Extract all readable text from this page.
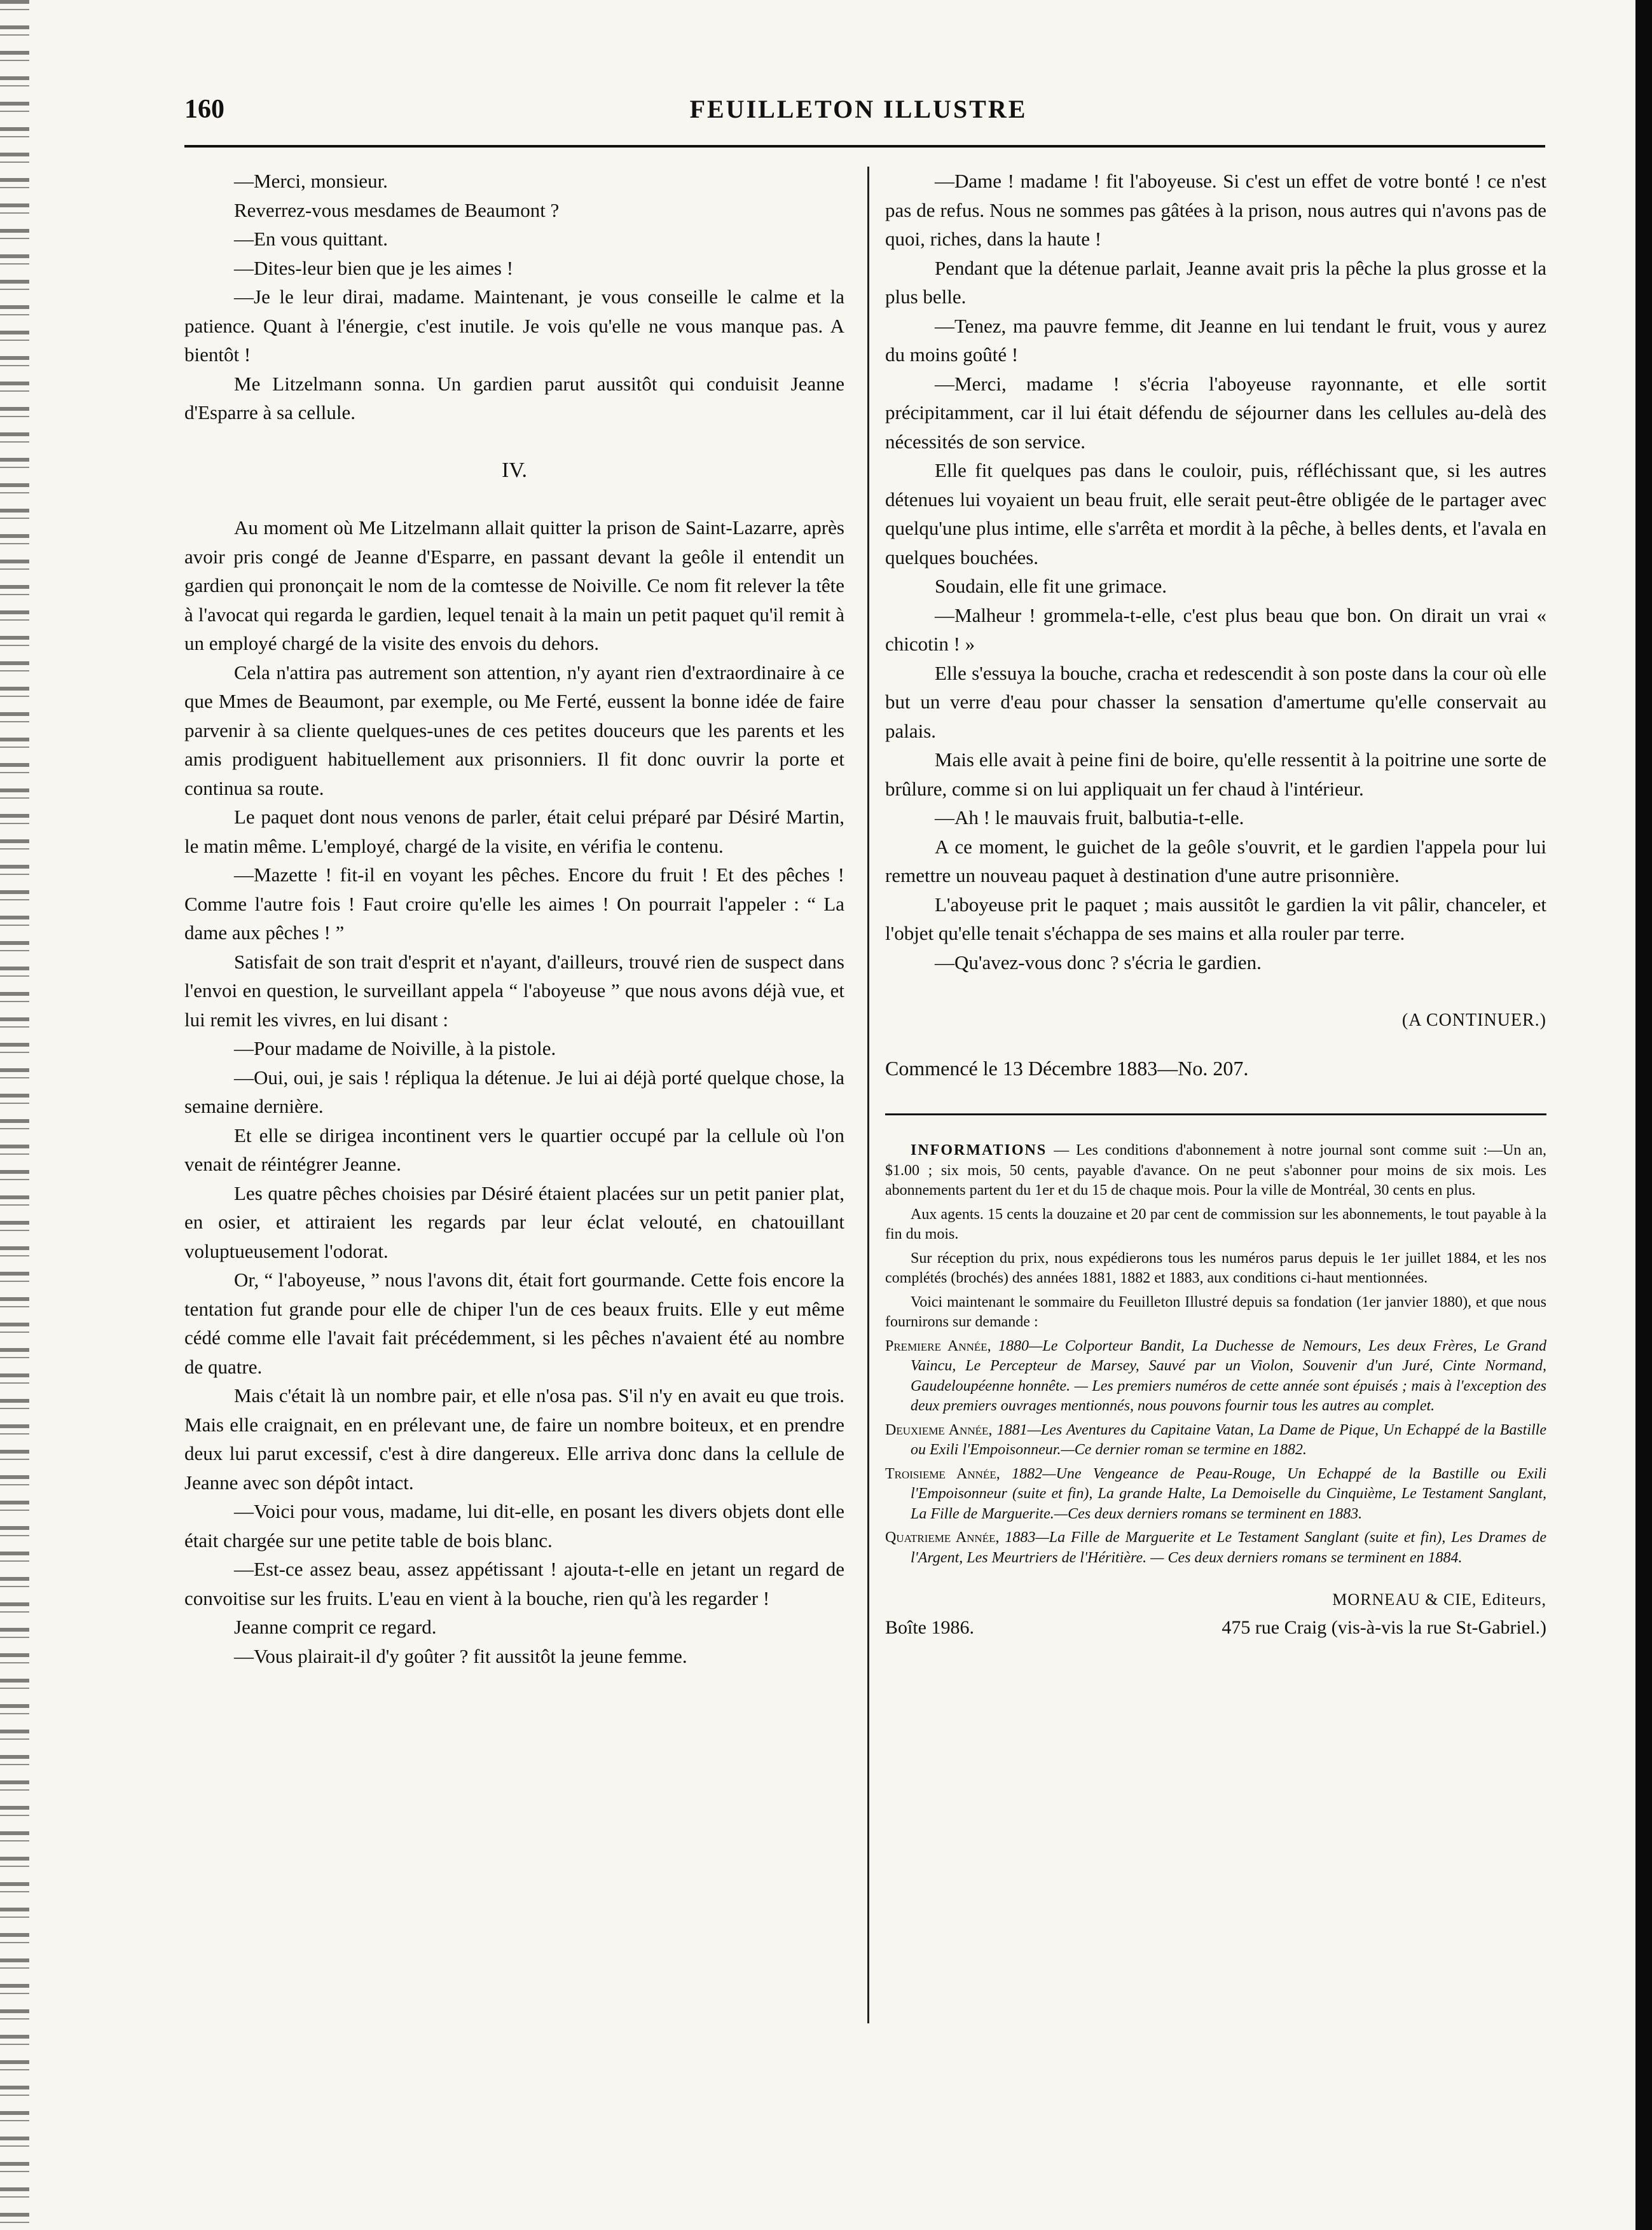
160	FEUILLETON ILLUSTRE

—Merci, monsieur.

Reverrez-vous mesdames de Beaumont ?

—En vous quittant.

—Dites-leur bien que je les aimes !

—Je le leur dirai, madame. Maintenant, je vous conseille le calme et la patience. Quant à l'énergie, c'est inutile. Je vois qu'elle ne vous manque pas. A bientôt !

Me Litzelmann sonna. Un gardien parut aussitôt qui conduisit Jeanne d'Esparre à sa cellule.

IV.

Au moment où Me Litzelmann allait quitter la prison de Saint-Lazarre, après avoir pris congé de Jeanne d'Esparre, en passant devant la geôle il entendit un gardien qui prononçait le nom de la comtesse de Noiville. Ce nom fit relever la tête à l'avocat qui regarda le gardien, lequel tenait à la main un petit paquet qu'il remit à un employé chargé de la visite des envois du dehors.

Cela n'attira pas autrement son attention, n'y ayant rien d'extraordinaire à ce que Mmes de Beaumont, par exemple, ou Me Ferté, eussent la bonne idée de faire parvenir à sa cliente quelques-unes de ces petites douceurs que les parents et les amis prodiguent habituellement aux prisonniers. Il fit donc ouvrir la porte et continua sa route.

Le paquet dont nous venons de parler, était celui préparé par Désiré Martin, le matin même. L'employé, chargé de la visite, en vérifia le contenu.

—Mazette ! fit-il en voyant les pêches. Encore du fruit ! Et des pêches ! Comme l'autre fois ! Faut croire qu'elle les aimes ! On pourrait l'appeler : “ La dame aux pêches ! ”

Satisfait de son trait d'esprit et n'ayant, d'ailleurs, trouvé rien de suspect dans l'envoi en question, le surveillant appela “ l'aboyeuse ” que nous avons déjà vue, et lui remit les vivres, en lui disant :

—Pour madame de Noiville, à la pistole.

—Oui, oui, je sais ! répliqua la détenue. Je lui ai déjà porté quelque chose, la semaine dernière.

Et elle se dirigea incontinent vers le quartier occupé par la cellule où l'on venait de réintégrer Jeanne.

Les quatre pêches choisies par Désiré étaient placées sur un petit panier plat, en osier, et attiraient les regards par leur éclat velouté, en chatouillant voluptueusement l'odorat.

Or, “ l'aboyeuse, ” nous l'avons dit, était fort gourmande. Cette fois encore la tentation fut grande pour elle de chiper l'un de ces beaux fruits. Elle y eut même cédé comme elle l'avait fait précédemment, si les pêches n'avaient été au nombre de quatre.

Mais c'était là un nombre pair, et elle n'osa pas. S'il n'y en avait eu que trois. Mais elle craignait, en en prélevant une, de faire un nombre boiteux, et en prendre deux lui parut excessif, c'est à dire dangereux. Elle arriva donc dans la cellule de Jeanne avec son dépôt intact.

—Voici pour vous, madame, lui dit-elle, en posant les divers objets dont elle était chargée sur une petite table de bois blanc.

—Est-ce assez beau, assez appétissant ! ajouta-t-elle en jetant un regard de convoitise sur les fruits. L'eau en vient à la bouche, rien qu'à les regarder !

Jeanne comprit ce regard.

—Vous plairait-il d'y goûter ? fit aussitôt la jeune femme.

—Dame ! madame ! fit l'aboyeuse. Si c'est un effet de votre bonté ! ce n'est pas de refus. Nous ne sommes pas gâtées à la prison, nous autres qui n'avons pas de quoi, riches, dans la haute !

Pendant que la détenue parlait, Jeanne avait pris la pêche la plus grosse et la plus belle.

—Tenez, ma pauvre femme, dit Jeanne en lui tendant le fruit, vous y aurez du moins goûté !

—Merci, madame ! s'écria l'aboyeuse rayonnante, et elle sortit précipitamment, car il lui était défendu de séjourner dans les cellules au-delà des nécessités de son service.

Elle fit quelques pas dans le couloir, puis, réfléchissant que, si les autres détenues lui voyaient un beau fruit, elle serait peut-être obligée de le partager avec quelqu'une plus intime, elle s'arrêta et mordit à la pêche, à belles dents, et l'avala en quelques bouchées.

Soudain, elle fit une grimace.

—Malheur ! grommela-t-elle, c'est plus beau que bon. On dirait un vrai « chicotin ! »

Elle s'essuya la bouche, cracha et redescendit à son poste dans la cour où elle but un verre d'eau pour chasser la sensation d'amertume qu'elle conservait au palais.

Mais elle avait à peine fini de boire, qu'elle ressentit à la poitrine une sorte de brûlure, comme si on lui appliquait un fer chaud à l'intérieur.

—Ah ! le mauvais fruit, balbutia-t-elle.

A ce moment, le guichet de la geôle s'ouvrit, et le gardien l'appela pour lui remettre un nouveau paquet à destination d'une autre prisonnière.

L'aboyeuse prit le paquet ; mais aussitôt le gardien la vit pâlir, chanceler, et l'objet qu'elle tenait s'échappa de ses mains et alla rouler par terre.

—Qu'avez-vous donc ? s'écria le gardien.

(A CONTINUER.)

Commencé le 13 Décembre 1883—No. 207.

INFORMATIONS — Les conditions d'abonnement à notre journal sont comme suit :—Un an, $1.00 ; six mois, 50 cents, payable d'avance. On ne peut s'abonner pour moins de six mois. Les abonnements partent du 1er et du 15 de chaque mois. Pour la ville de Montréal, 30 cents en plus.

Aux agents. 15 cents la douzaine et 20 par cent de commission sur les abonnements, le tout payable à la fin du mois.

Sur réception du prix, nous expédierons tous les numéros parus depuis le 1er juillet 1884, et les nos complétés (brochés) des années 1881, 1882 et 1883, aux conditions ci-haut mentionnées.

Voici maintenant le sommaire du Feuilleton Illustré depuis sa fondation (1er janvier 1880), et que nous fournirons sur demande :

Premiere Année, 1880—Le Colporteur Bandit, La Duchesse de Nemours, Les deux Frères, Le Grand Vaincu, Le Percepteur de Marsey, Sauvé par un Violon, Souvenir d'un Juré, Cinte Normand, Gaudeloupéenne honnête. — Les premiers numéros de cette année sont épuisés ; mais à l'exception des deux premiers ouvrages mentionnés, nous pouvons fournir tous les autres au complet.

Deuxieme Année, 1881—Les Aventures du Capitaine Vatan, La Dame de Pique, Un Echappé de la Bastille ou Exili l'Empoisonneur.—Ce dernier roman se termine en 1882.

Troisieme Année, 1882—Une Vengeance de Peau-Rouge, Un Echappé de la Bastille ou Exili l'Empoisonneur (suite et fin), La grande Halte, La Demoiselle du Cinquième, Le Testament Sanglant, La Fille de Marguerite.—Ces deux derniers romans se terminent en 1883.

Quatrieme Année, 1883—La Fille de Marguerite et Le Testament Sanglant (suite et fin), Les Drames de l'Argent, Les Meurtriers de l'Héritière. — Ces deux derniers romans se terminent en 1884.

MORNEAU & CIE, Editeurs,
Boîte 1986.	475 rue Craig (vis-à-vis la rue St-Gabriel.)
